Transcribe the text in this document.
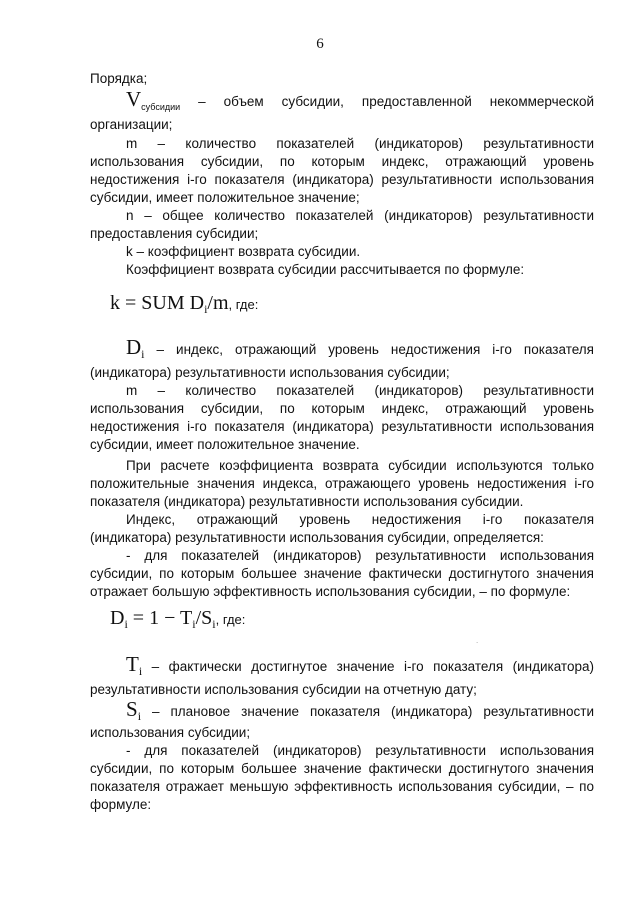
6
Порядка;
$V_{субсидии}$ – объем субсидии, предоставленной некоммерческой
организации;
m – количество показателей (индикаторов) результативности
использования субсидии, по которым индекс, отражающий уровень
недостижения i-го показателя (индикатора) результативности использования
субсидии, имеет положительное значение;
n – общее количество показателей (индикаторов) результативности
предоставления субсидии;
k – коэффициент возврата субсидии.
Коэффициент возврата субсидии рассчитывается по формуле:
k = SUM $D_i/m$, где:
Di – индекс, отражающий уровень недостижения i-го показателя
(индикатора) результативности использования субсидии;
m – количество показателей (индикаторов) результативности
использования субсидии, по которым индекс, отражающий уровень
недостижения i-го показателя (индикатора) результативности использования
субсидии, имеет положительное значение.
При расчете коэффициента возврата субсидии используются только
положительные значения индекса, отражающего уровень недостижения i-го
показателя (индикатора) результативности использования субсидии.
Индекс, отражающий уровень недостижения i-го показателя
(индикатора) результативности использования субсидии, определяется:
- для показателей (индикаторов) результативности использования
субсидии, по которым большее значение фактически достигнутого значения
отражает большую эффективность использования субсидии, – по формуле:
$D_i = 1 - T_i/S_i$, где:
.
Ti – фактически достигнутое значение i-го показателя (индикатора)
результативности использования субсидии на отчетную дату;
Si – плановое значение показателя (индикатора) результативности
использования субсидии;
- для показателей (индикаторов) результативности использования
субсидии, по которым большее значение фактически достигнутого значения
показателя отражает меньшую эффективность использования субсидии, – по
формуле:
